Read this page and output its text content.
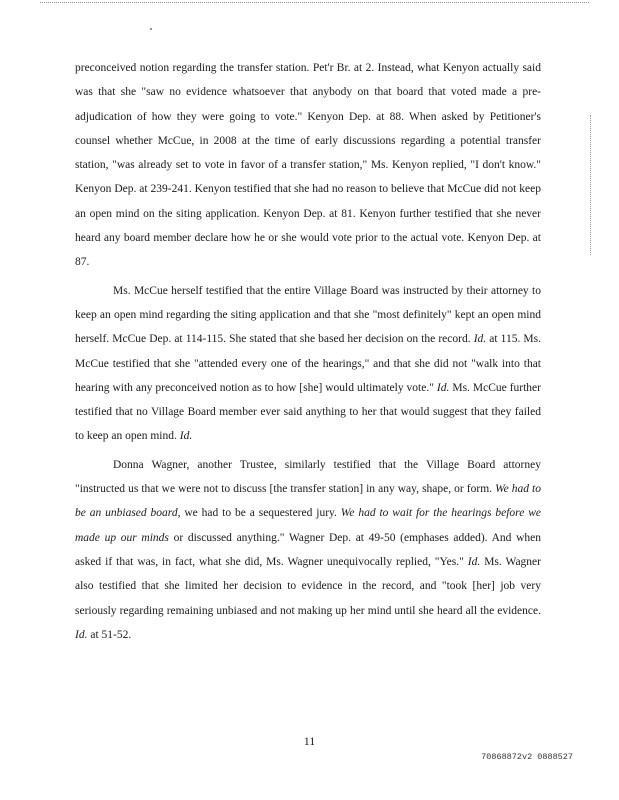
preconceived notion regarding the transfer station. Pet'r Br. at 2. Instead, what Kenyon actually said was that she "saw no evidence whatsoever that anybody on that board that voted made a pre-adjudication of how they were going to vote." Kenyon Dep. at 88. When asked by Petitioner's counsel whether McCue, in 2008 at the time of early discussions regarding a potential transfer station, "was already set to vote in favor of a transfer station," Ms. Kenyon replied, "I don't know." Kenyon Dep. at 239-241. Kenyon testified that she had no reason to believe that McCue did not keep an open mind on the siting application. Kenyon Dep. at 81. Kenyon further testified that she never heard any board member declare how he or she would vote prior to the actual vote. Kenyon Dep. at 87.

Ms. McCue herself testified that the entire Village Board was instructed by their attorney to keep an open mind regarding the siting application and that she "most definitely" kept an open mind herself. McCue Dep. at 114-115. She stated that she based her decision on the record. Id. at 115. Ms. McCue testified that she "attended every one of the hearings," and that she did not "walk into that hearing with any preconceived notion as to how [she] would ultimately vote." Id. Ms. McCue further testified that no Village Board member ever said anything to her that would suggest that they failed to keep an open mind. Id.

Donna Wagner, another Trustee, similarly testified that the Village Board attorney "instructed us that we were not to discuss [the transfer station] in any way, shape, or form. We had to be an unbiased board, we had to be a sequestered jury. We had to wait for the hearings before we made up our minds or discussed anything." Wagner Dep. at 49-50 (emphases added). And when asked if that was, in fact, what she did, Ms. Wagner unequivocally replied, "Yes." Id. Ms. Wagner also testified that she limited her decision to evidence in the record, and "took [her] job very seriously regarding remaining unbiased and not making up her mind until she heard all the evidence. Id. at 51-52.

11
70868872v2 0888527
